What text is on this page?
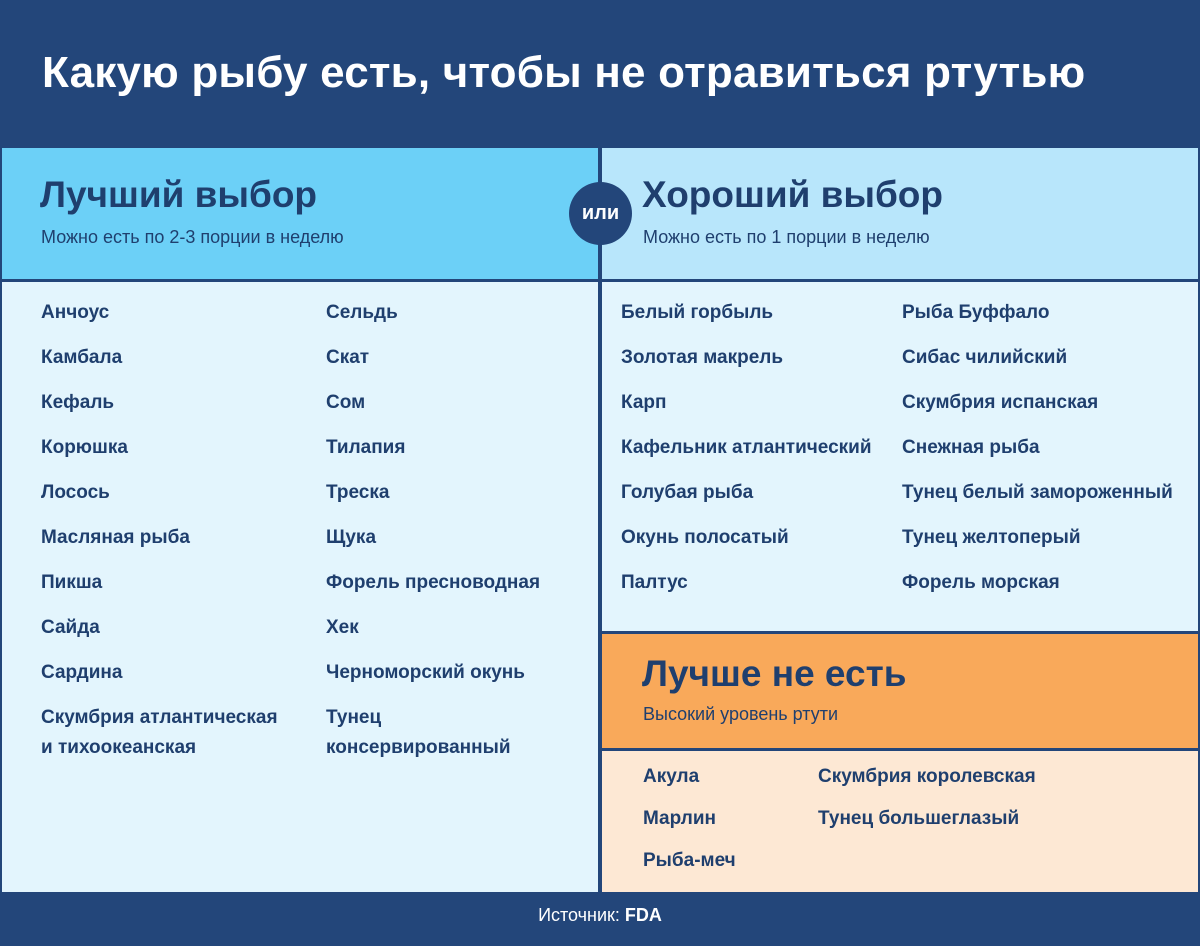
Какую рыбу есть, чтобы не отравиться ртутью
Лучший выбор
Можно есть по 2-3 порции в неделю
Анчоус
Камбала
Кефаль
Корюшка
Лосось
Масляная рыба
Пикша
Сайда
Сардина
Скумбрия атлантическая
и тихоокеанская
Сельдь
Скат
Сом
Тилапия
Треска
Щука
Форель пресноводная
Хек
Черноморский окунь
Тунец
консервированный
Хороший выбор
Можно есть по 1 порции в неделю
Белый горбыль
Золотая макрель
Карп
Кафельник атлантический
Голубая рыба
Окунь полосатый
Палтус
Рыба Буффало
Сибас чилийский
Скумбрия испанская
Снежная рыба
Тунец белый замороженный
Тунец желтоперый
Форель морская
Лучше не есть
Высокий уровень ртути
Акула
Марлин
Рыба-меч
Скумбрия королевская
Тунец большеглазый
или
Источник: FDA
